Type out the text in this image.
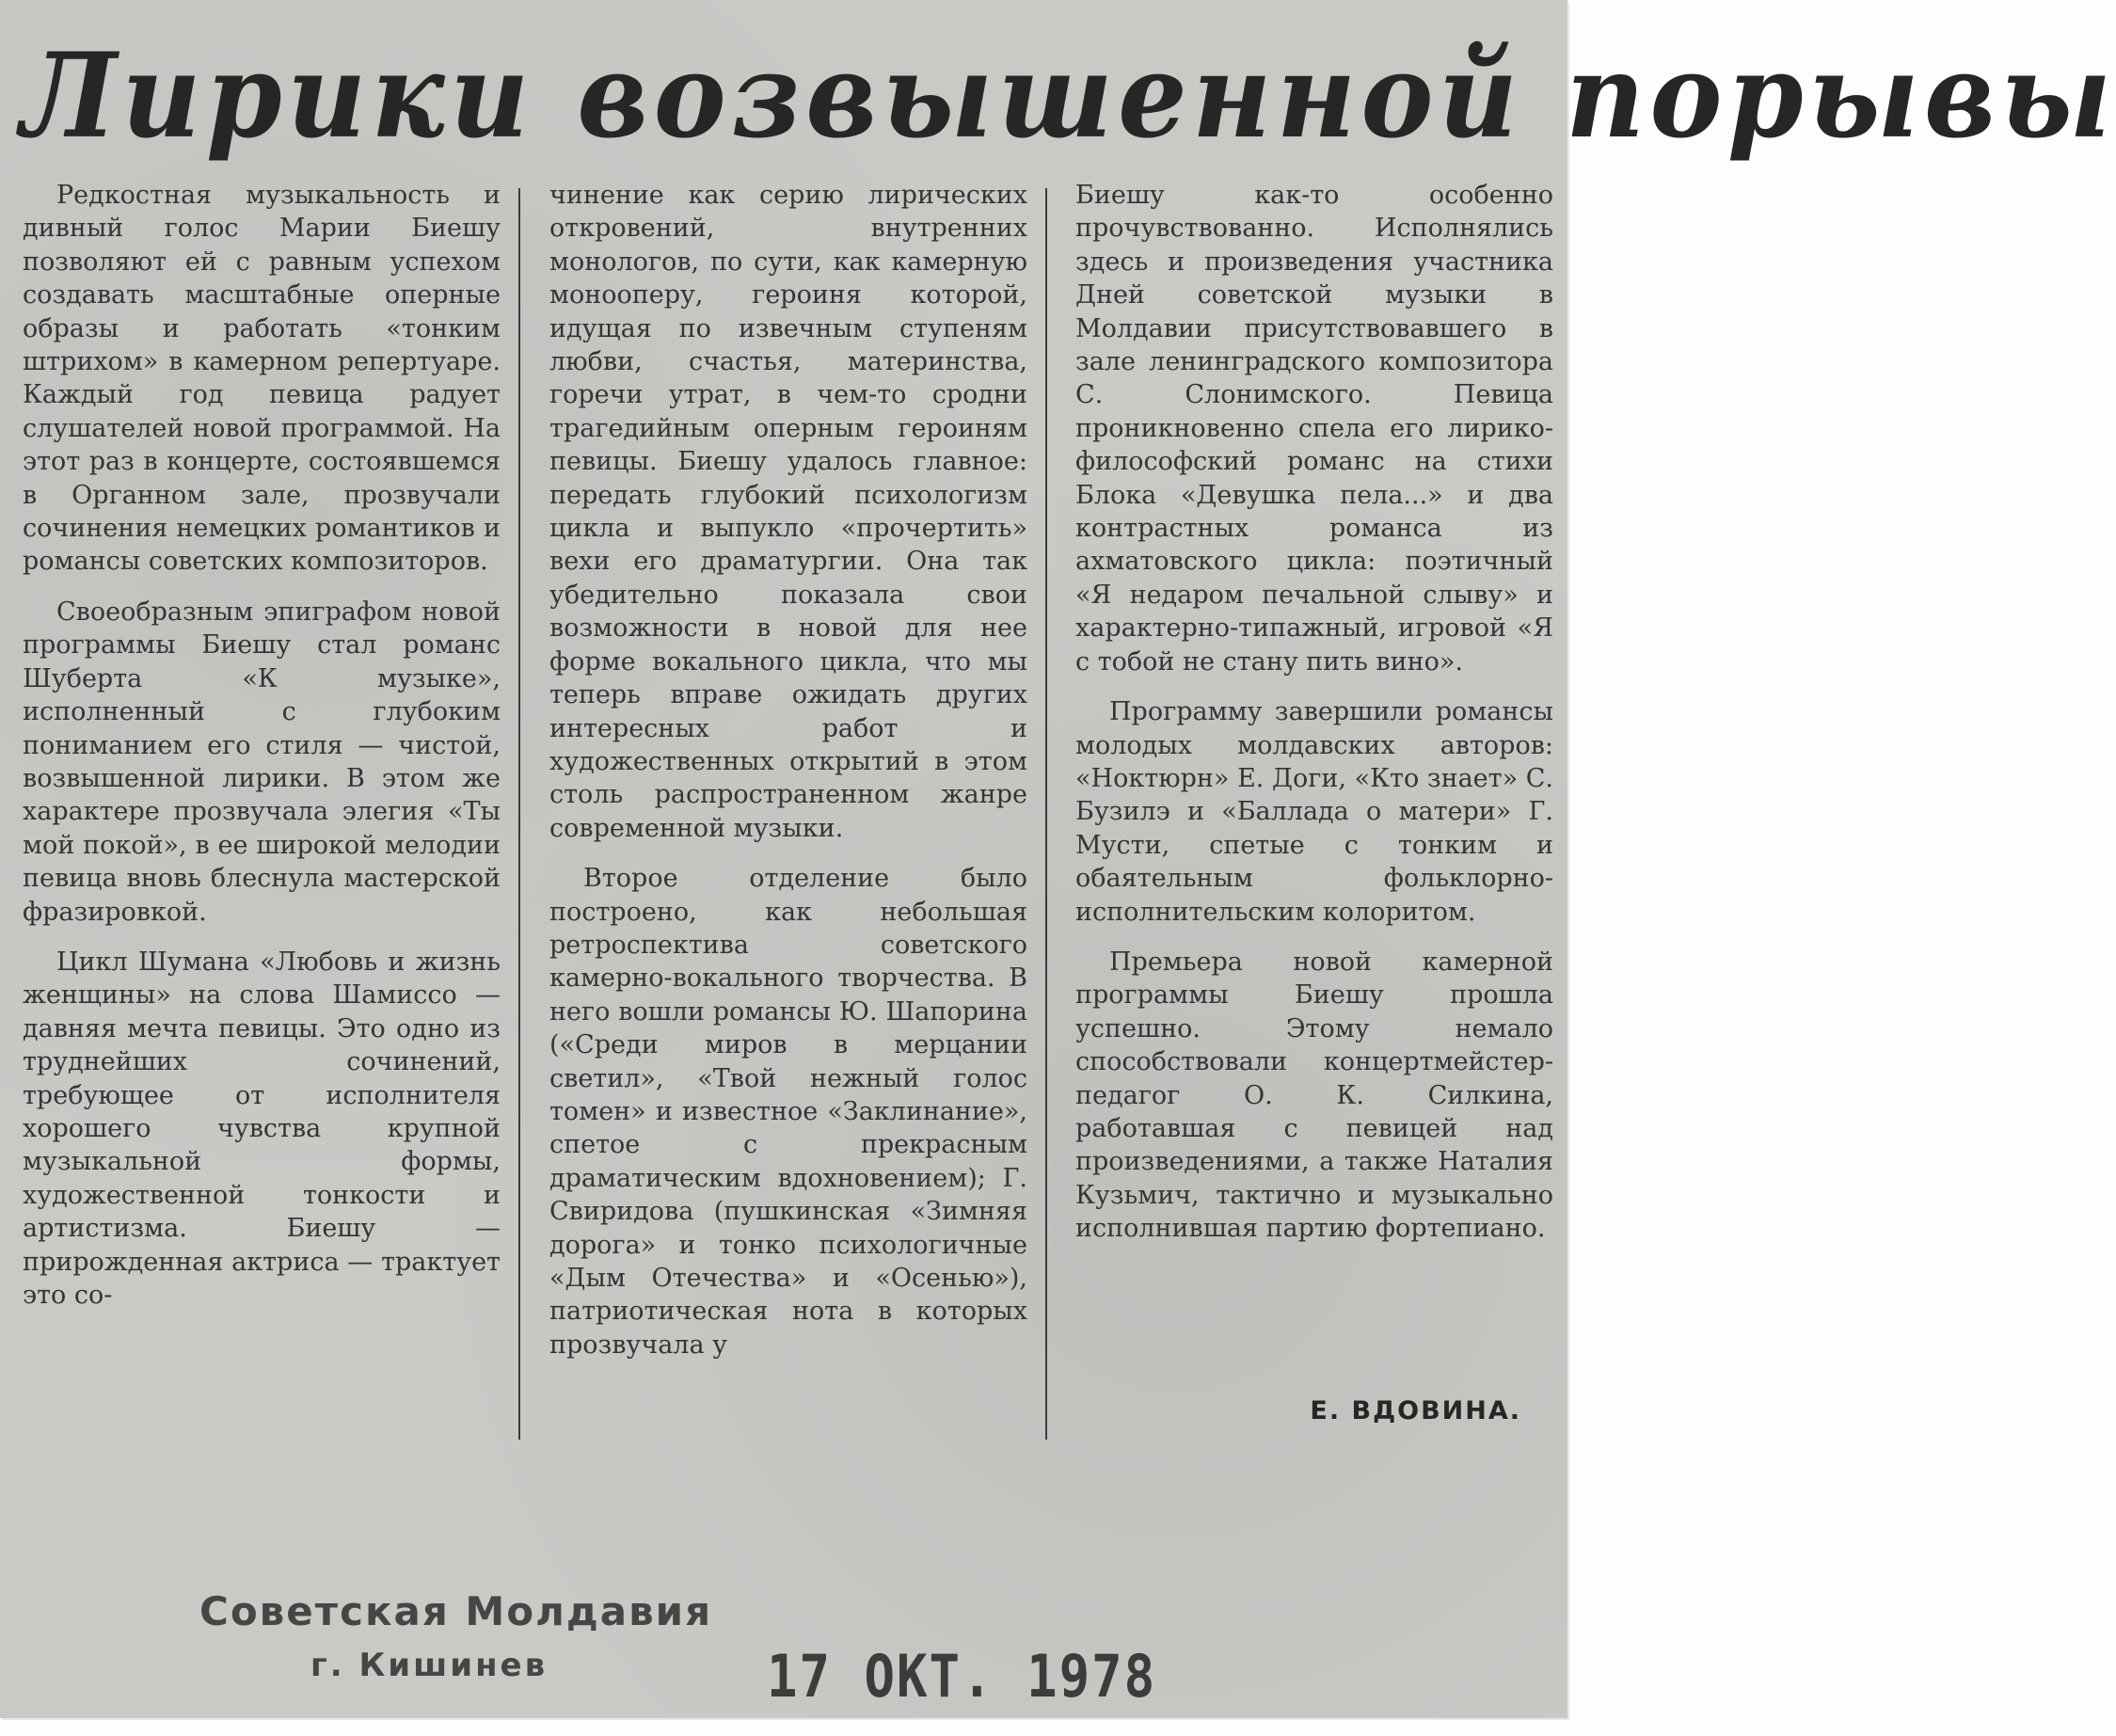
Лирики возвышенной порывы

Редкостная музыкальность и дивный голос Марии Биешу позволяют ей с равным успехом создавать масштабные оперные образы и работать «тонким штрихом» в камерном репертуаре. Каждый год певица радует слушателей новой программой. На этот раз в концерте, состоявшемся в Органном зале, прозвучали сочинения немецких романтиков и романсы советских композиторов.

Своеобразным эпиграфом новой программы Биешу стал романс Шуберта «К музыке», исполненный с глубоким пониманием его стиля — чистой, возвышенной лирики. В этом же характере прозвучала элегия «Ты мой покой», в ее широкой мелодии певица вновь блеснула мастерской фразировкой.

Цикл Шумана «Любовь и жизнь женщины» на слова Шамиссо — давняя мечта певицы. Это одно из труднейших сочинений, требующее от исполнителя хорошего чувства крупной музыкальной формы, художественной тонкости и артистизма. Биешу — прирожденная актриса — трактует это со-

чинение как серию лирических откровений, внутренних монологов, по сути, как камерную монооперу, героиня которой, идущая по извечным ступеням любви, счастья, материнства, горечи утрат, в чем-то сродни трагедийным оперным героиням певицы. Биешу удалось главное: передать глубокий психологизм цикла и выпукло «прочертить» вехи его драматургии. Она так убедительно показала свои возможности в новой для нее форме вокального цикла, что мы теперь вправе ожидать других интересных работ и художественных открытий в этом столь распространенном жанре современной музыки.

Второе отделение было построено, как небольшая ретроспектива советского камерно-вокального творчества. В него вошли романсы Ю. Шапорина («Среди миров в мерцании светил», «Твой нежный голос томен» и известное «Заклинание», спетое с прекрасным драматическим вдохновением); Г. Свиридова (пушкинская «Зимняя дорога» и тонко психологичные «Дым Отечества» и «Осенью»), патриотическая нота в которых прозвучала у

Биешу как-то особенно прочувствованно. Исполнялись здесь и произведения участника Дней советской музыки в Молдавии присутствовавшего в зале ленинградского композитора С. Слонимского. Певица проникновенно спела его лирико-философский романс на стихи Блока «Девушка пела...» и два контрастных романса из ахматовского цикла: поэтичный «Я недаром печальной слыву» и характерно-типажный, игровой «Я с тобой не стану пить вино».

Программу завершили романсы молодых молдавских авторов: «Ноктюрн» Е. Доги, «Кто знает» С. Бузилэ и «Баллада о матери» Г. Мусти, спетые с тонким и обаятельным фольклорно-исполнительским колоритом.

Премьера новой камерной программы Биешу прошла успешно. Этому немало способствовали концертмейстер-педагог О. К. Силкина, работавшая с певицей над произведениями, а также Наталия Кузьмич, тактично и музыкально исполнившая партию фортепиано.

Е. ВДОВИНА.
Советская Молдавия
г. Кишинев	17 ОКТ. 1978
